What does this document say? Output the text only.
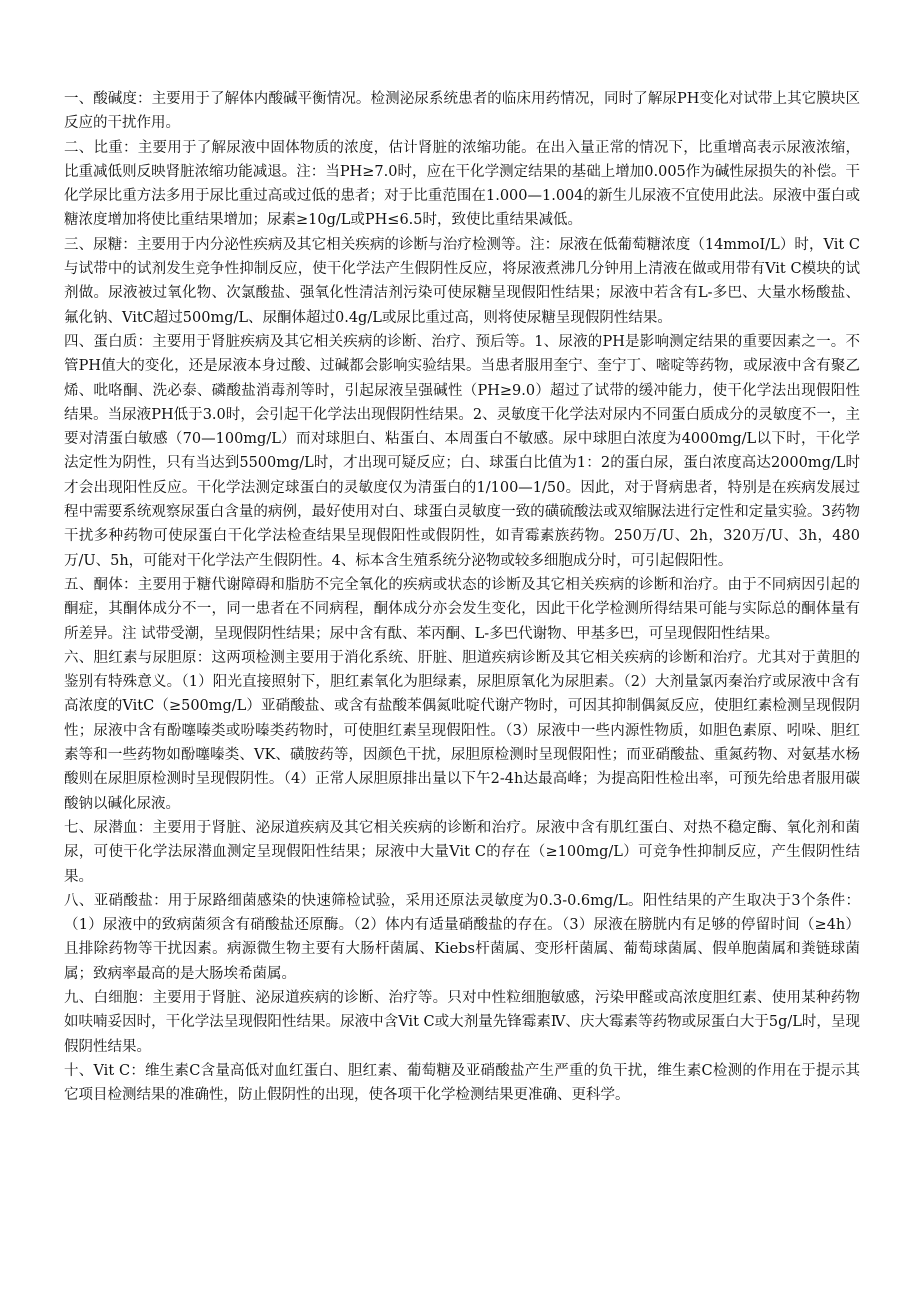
一、酸碱度：主要用于了解体内酸碱平衡情况。检测泌尿系统患者的临床用药情况，同时了解尿PH变化对试带上其它膜块区反应的干扰作用。

二、比重：主要用于了解尿液中固体物质的浓度，估计肾脏的浓缩功能。在出入量正常的情况下，比重增高表示尿液浓缩，比重减低则反映肾脏浓缩功能减退。注：当PH≥7.0时，应在干化学测定结果的基础上增加0.005作为碱性尿损失的补偿。干化学尿比重方法多用于尿比重过高或过低的患者；对于比重范围在1.000—1.004的新生儿尿液不宜使用此法。尿液中蛋白或糖浓度增加将使比重结果增加；尿素≥10g/L或PH≤6.5时，致使比重结果减低。

三、尿糖：主要用于内分泌性疾病及其它相关疾病的诊断与治疗检测等。注：尿液在低葡萄糖浓度（14mmoI/L）时，Vit C与试带中的试剂发生竞争性抑制反应，使干化学法产生假阴性反应，将尿液煮沸几分钟用上清液在做或用带有Vit C模块的试剂做。尿液被过氧化物、次氯酸盐、强氧化性清洁剂污染可使尿糖呈现假阳性结果；尿液中若含有L-多巴、大量水杨酸盐、氟化钠、VitC超过500mg/L、尿酮体超过0.4g/L或尿比重过高，则将使尿糖呈现假阴性结果。

四、蛋白质：主要用于肾脏疾病及其它相关疾病的诊断、治疗、预后等。1、尿液的PH是影响测定结果的重要因素之一。不管PH值大的变化，还是尿液本身过酸、过碱都会影响实验结果。当患者服用奎宁、奎宁丁、嘧啶等药物，或尿液中含有聚乙烯、吡咯酮、洗必泰、磷酸盐消毒剂等时，引起尿液呈强碱性（PH≥9.0）超过了试带的缓冲能力，使干化学法出现假阳性结果。当尿液PH低于3.0时，会引起干化学法出现假阴性结果。2、灵敏度干化学法对尿内不同蛋白质成分的灵敏度不一，主要对清蛋白敏感（70—100mg/L）而对球胆白、粘蛋白、本周蛋白不敏感。尿中球胆白浓度为4000mg/L以下时，干化学法定性为阴性，只有当达到5500mg/L时，才出现可疑反应；白、球蛋白比值为1：2的蛋白尿，蛋白浓度高达2000mg/L时才会出现阳性反应。干化学法测定球蛋白的灵敏度仅为清蛋白的1/100—1/50。因此，对于肾病患者，特别是在疾病发展过程中需要系统观察尿蛋白含量的病例，最好使用对白、球蛋白灵敏度一致的磺硫酸法或双缩脲法进行定性和定量实验。3药物干扰多种药物可使尿蛋白干化学法检查结果呈现假阳性或假阴性，如青霉素族药物。250万/U、2h，320万/U、3h，480万/U、5h，可能对干化学法产生假阴性。4、标本含生殖系统分泌物或较多细胞成分时，可引起假阳性。

五、酮体：主要用于糖代谢障碍和脂肪不完全氧化的疾病或状态的诊断及其它相关疾病的诊断和治疗。由于不同病因引起的酮症，其酮体成分不一，同一患者在不同病程，酮体成分亦会发生变化，因此干化学检测所得结果可能与实际总的酮体量有所差异。注 试带受潮，呈现假阴性结果；尿中含有酞、苯丙酮、L-多巴代谢物、甲基多巴，可呈现假阳性结果。

六、胆红素与尿胆原：这两项检测主要用于消化系统、肝脏、胆道疾病诊断及其它相关疾病的诊断和治疗。尤其对于黄胆的鉴别有特殊意义。（1）阳光直接照射下，胆红素氧化为胆绿素，尿胆原氧化为尿胆素。（2）大剂量氯丙秦治疗或尿液中含有高浓度的VitC（≥500mg/L）亚硝酸盐、或含有盐酸苯偶氮吡啶代谢产物时，可因其抑制偶氮反应，使胆红素检测呈现假阴性；尿液中含有酚噻嗪类或吩嗪类药物时，可使胆红素呈现假阳性。（3）尿液中一些内源性物质，如胆色素原、吲哚、胆红素等和一些药物如酚噻嗪类、VK、磺胺药等，因颜色干扰，尿胆原检测时呈现假阳性；而亚硝酸盐、重氮药物、对氨基水杨酸则在尿胆原检测时呈现假阴性。（4）正常人尿胆原排出量以下午2-4h达最高峰；为提高阳性检出率，可预先给患者服用碳酸钠以碱化尿液。

七、尿潜血：主要用于肾脏、泌尿道疾病及其它相关疾病的诊断和治疗。尿液中含有肌红蛋白、对热不稳定酶、氧化剂和菌尿，可使干化学法尿潜血测定呈现假阳性结果；尿液中大量Vit C的存在（≥100mg/L）可竞争性抑制反应，产生假阴性结果。

八、亚硝酸盐：用于尿路细菌感染的快速筛检试验，采用还原法灵敏度为0.3-0.6mg/L。阳性结果的产生取决于3个条件：（1）尿液中的致病菌须含有硝酸盐还原酶。（2）体内有适量硝酸盐的存在。（3）尿液在膀胱内有足够的停留时间（≥4h）且排除药物等干扰因素。病源微生物主要有大肠杆菌属、Kiebs杆菌属、变形杆菌属、葡萄球菌属、假单胞菌属和粪链球菌属；致病率最高的是大肠埃希菌属。

九、白细胞：主要用于肾脏、泌尿道疾病的诊断、治疗等。只对中性粒细胞敏感，污染甲醛或高浓度胆红素、使用某种药物如呋喃妥因时，干化学法呈现假阳性结果。尿液中含Vit C或大剂量先锋霉素Ⅳ、庆大霉素等药物或尿蛋白大于5g/L时，呈现假阴性结果。

十、Vit C：维生素C含量高低对血红蛋白、胆红素、葡萄糖及亚硝酸盐产生严重的负干扰，维生素C检测的作用在于提示其它项目检测结果的准确性，防止假阴性的出现，使各项干化学检测结果更准确、更科学。
